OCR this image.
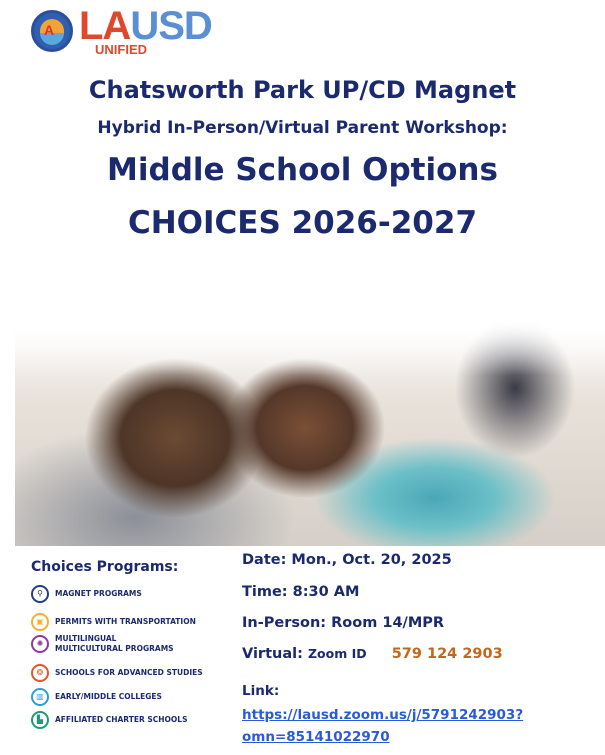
A LAUSD
UNIFIED
Chatsworth Park UP/CD Magnet
Hybrid In-Person/Virtual Parent Workshop:
Middle School Options
CHOICES 2026-2027
Choices Programs:
⚲	MAGNET PROGRAMS
▣	PERMITS WITH TRANSPORTATION
✺
MULTILINGUAL
MULTICULTURAL PROGRAMS
❂	SCHOOLS FOR ADVANCED STUDIES
▥	EARLY/MIDDLE COLLEGES
▙	AFFILIATED CHARTER SCHOOLS
Date: Mon., Oct. 20, 2025
Time: 8:30 AM
In-Person: Room 14/MPR
Virtual: Zoom ID 579 124 2903
Link:
https://lausd.zoom.us/j/5791242903?
omn=85141022970
